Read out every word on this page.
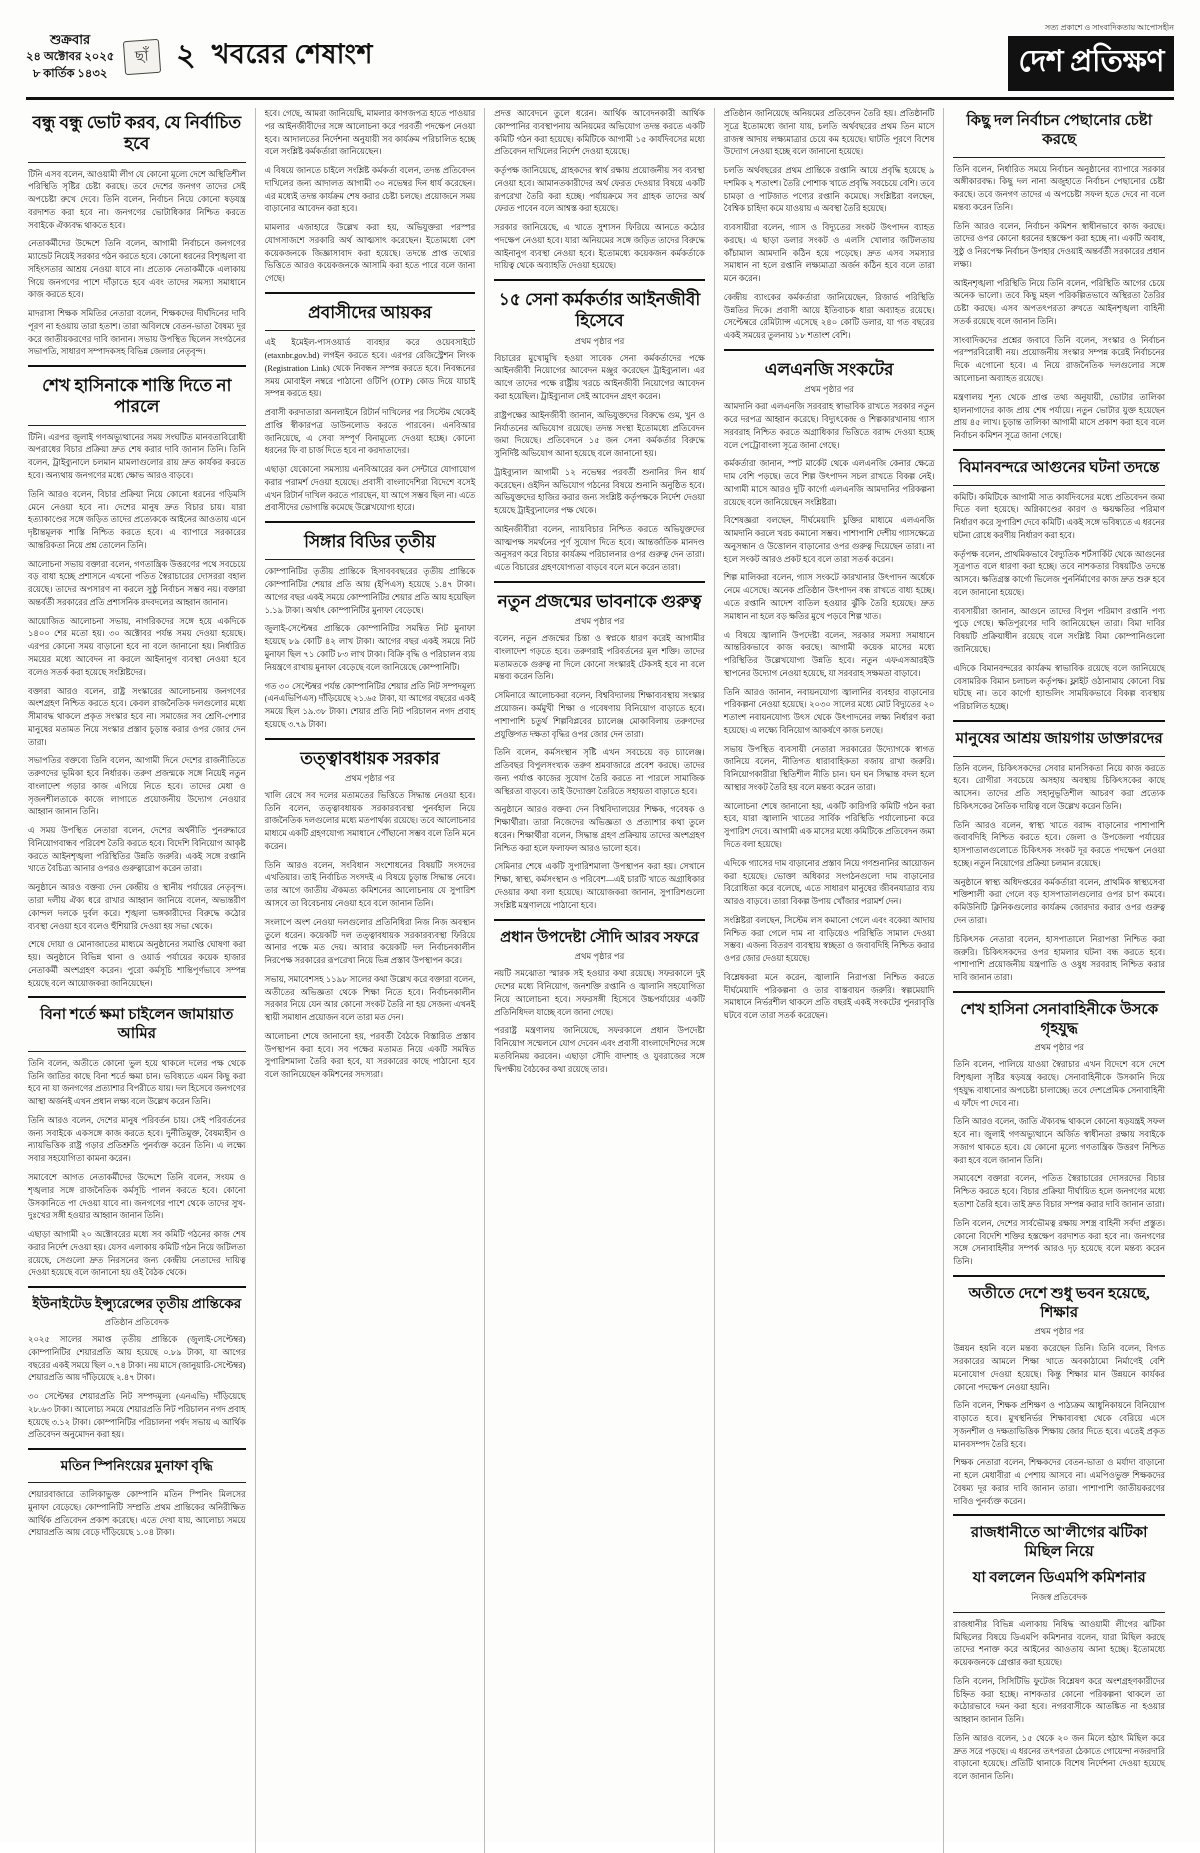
শুক্রবার
২৪ অক্টোবর ২০২৫
৮ কার্তিক ১৪৩২
ছাঁ ২ খবরের শেষাংশ
সত্য প্রকাশে ও সাংবাদিকতায় আপোসহীন
দেশ প্রতিক্ষণ
বন্ধু বন্ধু ভোট করব, যে নির্বাচিত হবে

টিনি এসব বলেন, আওয়ামী লীগ যে কোনো মূল্যে দেশে অস্থিতিশীল পরিস্থিতি সৃষ্টির চেষ্টা করছে। তবে দেশের জনগণ তাদের সেই অপচেষ্টা রুখে দেবে। তিনি বলেন, নির্বাচন নিয়ে কোনো ষড়যন্ত্র বরদাশত করা হবে না। জনগণের ভোটাধিকার নিশ্চিত করতে সবাইকে ঐক্যবদ্ধ থাকতে হবে।

নেতাকর্মীদের উদ্দেশে তিনি বলেন, আগামী নির্বাচনে জনগণের ম্যান্ডেট নিয়েই সরকার গঠন করতে হবে। কোনো ধরনের বিশৃঙ্খলা বা সহিংসতার আশ্রয় নেওয়া যাবে না। প্রত্যেক নেতাকর্মীকে এলাকায় গিয়ে জনগণের পাশে দাঁড়াতে হবে এবং তাদের সমস্যা সমাধানে কাজ করতে হবে।

মাদরাসা শিক্ষক সমিতির নেতারা বলেন, শিক্ষকদের দীর্ঘদিনের দাবি পূরণ না হওয়ায় তারা হতাশ। তারা অবিলম্বে বেতন-ভাতা বৈষম্য দূর করে জাতীয়করণের দাবি জানান। সভায় উপস্থিত ছিলেন সংগঠনের সভাপতি, সাধারণ সম্পাদকসহ বিভিন্ন জেলার নেতৃবৃন্দ।

শেখ হাসিনাকে শাস্তি দিতে না পারলে

টিনি। এরপর জুলাই গণঅভ্যুত্থানের সময় সংঘটিত মানবতাবিরোধী অপরাধের বিচার প্রক্রিয়া দ্রুত শেষ করার দাবি জানান তিনি। তিনি বলেন, ট্রাইব্যুনালে চলমান মামলাগুলোর রায় দ্রুত কার্যকর করতে হবে। অন্যথায় জনগণের মধ্যে ক্ষোভ আরও বাড়বে।

তিনি আরও বলেন, বিচার প্রক্রিয়া নিয়ে কোনো ধরনের গড়িমসি মেনে নেওয়া হবে না। দেশের মানুষ দ্রুত বিচার চায়। যারা হত্যাকাণ্ডের সঙ্গে জড়িত তাদের প্রত্যেককে আইনের আওতায় এনে দৃষ্টান্তমূলক শাস্তি নিশ্চিত করতে হবে। এ ব্যাপারে সরকারের আন্তরিকতা নিয়ে প্রশ্ন তোলেন তিনি।

আলোচনা সভায় বক্তারা বলেন, গণতান্ত্রিক উত্তরণের পথে সবচেয়ে বড় বাধা হচ্ছে প্রশাসনে এখনো পতিত স্বৈরাচারের দোসররা বহাল রয়েছে। তাদের অপসারণ না করলে সুষ্ঠু নির্বাচন সম্ভব নয়। বক্তারা অন্তর্বর্তী সরকারের প্রতি প্রশাসনিক রদবদলের আহ্বান জানান।

আয়োজিত আলোচনা সভায়, নাগরিকদের সঙ্গে হয়ে একদিকে ১৪০০ শের মতো হয়। ৩০ অক্টোবর পর্যন্ত সময় দেওয়া হয়েছে। এরপর কোনো সময় বাড়ানো হবে না বলে জানানো হয়। নির্ধারিত সময়ের মধ্যে আবেদন না করলে আইনানুগ ব্যবস্থা নেওয়া হবে বলেও সতর্ক করা হয়েছে সংশ্লিষ্টদের।

বক্তারা আরও বলেন, রাষ্ট্র সংস্কারের আলোচনায় জনগণের অংশগ্রহণ নিশ্চিত করতে হবে। কেবল রাজনৈতিক দলগুলোর মধ্যে সীমাবদ্ধ থাকলে প্রকৃত সংস্কার হবে না। সমাজের সব শ্রেণি-পেশার মানুষের মতামত নিয়ে সংস্কার প্রস্তাব চূড়ান্ত করার ওপর জোর দেন তারা।

সভাপতির বক্তব্যে তিনি বলেন, আগামী দিনে দেশের রাজনীতিতে তরুণদের ভূমিকা হবে নির্ধারক। তরুণ প্রজন্মকে সঙ্গে নিয়েই নতুন বাংলাদেশ গড়ার কাজ এগিয়ে নিতে হবে। তাদের মেধা ও সৃজনশীলতাকে কাজে লাগাতে প্রয়োজনীয় উদ্যোগ নেওয়ার আহ্বান জানান তিনি।

এ সময় উপস্থিত নেতারা বলেন, দেশের অর্থনীতি পুনরুদ্ধারে বিনিয়োগবান্ধব পরিবেশ তৈরি করতে হবে। বিদেশি বিনিয়োগ আকৃষ্ট করতে আইনশৃঙ্খলা পরিস্থিতির উন্নতি জরুরি। একই সঙ্গে রপ্তানি খাতে বৈচিত্র্য আনার ওপরও গুরুত্বারোপ করেন তারা।

অনুষ্ঠানে আরও বক্তব্য দেন কেন্দ্রীয় ও স্থানীয় পর্যায়ের নেতৃবৃন্দ। তারা দলীয় ঐক্য ধরে রাখার আহ্বান জানিয়ে বলেন, অভ্যন্তরীণ কোন্দল দলকে দুর্বল করে। শৃঙ্খলা ভঙ্গকারীদের বিরুদ্ধে কঠোর ব্যবস্থা নেওয়া হবে বলেও হুঁশিয়ারি দেওয়া হয় সভা থেকে।

শেষে দোয়া ও মোনাজাতের মাধ্যমে অনুষ্ঠানের সমাপ্তি ঘোষণা করা হয়। অনুষ্ঠানে বিভিন্ন থানা ও ওয়ার্ড পর্যায়ের কয়েক হাজার নেতাকর্মী অংশগ্রহণ করেন। পুরো কর্মসূচি শান্তিপূর্ণভাবে সম্পন্ন হয়েছে বলে আয়োজকরা জানিয়েছেন।

বিনা শর্তে ক্ষমা চাইলেন জামায়াত আমির

তিনি বলেন, অতীতে কোনো ভুল হয়ে থাকলে দলের পক্ষ থেকে তিনি জাতির কাছে বিনা শর্তে ক্ষমা চান। ভবিষ্যতে এমন কিছু করা হবে না যা জনগণের প্রত্যাশার বিপরীতে যায়। দল হিসেবে জনগণের আস্থা অর্জনই এখন প্রধান লক্ষ্য বলে উল্লেখ করেন তিনি।

তিনি আরও বলেন, দেশের মানুষ পরিবর্তন চায়। সেই পরিবর্তনের জন্য সবাইকে একসঙ্গে কাজ করতে হবে। দুর্নীতিমুক্ত, বৈষম্যহীন ও ন্যায়ভিত্তিক রাষ্ট্র গড়ার প্রতিশ্রুতি পুনর্ব্যক্ত করেন তিনি। এ লক্ষ্যে সবার সহযোগিতা কামনা করেন।

সমাবেশে আগত নেতাকর্মীদের উদ্দেশে তিনি বলেন, সংযম ও শৃঙ্খলার সঙ্গে রাজনৈতিক কর্মসূচি পালন করতে হবে। কোনো উসকানিতে পা দেওয়া যাবে না। জনগণের পাশে থেকে তাদের সুখ-দুঃখের সঙ্গী হওয়ার আহ্বান জানান তিনি।

এছাড়া আগামী ২০ অক্টোবরের মধ্যে সব কমিটি গঠনের কাজ শেষ করার নির্দেশ দেওয়া হয়। যেসব এলাকায় কমিটি গঠন নিয়ে জটিলতা রয়েছে, সেগুলো দ্রুত নিরসনের জন্য কেন্দ্রীয় নেতাদের দায়িত্ব দেওয়া হয়েছে বলে জানানো হয় ওই বৈঠক থেকে।

ইউনাইটেড ইন্স্যুরেন্সের তৃতীয় প্রান্তিকের
প্রতিষ্ঠান প্রতিবেদক

২০২৫ সালের সমাপ্ত তৃতীয় প্রান্তিকে (জুলাই-সেপ্টেম্বর) কোম্পানিটির শেয়ারপ্রতি আয় হয়েছে ০.৮৯ টাকা, যা আগের বছরের একই সময়ে ছিল ০.৭৪ টাকা। নয় মাসে (জানুয়ারি-সেপ্টেম্বর) শেয়ারপ্রতি আয় দাঁড়িয়েছে ২.৪৭ টাকা।

৩০ সেপ্টেম্বর শেয়ারপ্রতি নিট সম্পদমূল্য (এনএভি) দাঁড়িয়েছে ২৮.৬৩ টাকা। আলোচ্য সময়ে শেয়ারপ্রতি নিট পরিচালন নগদ প্রবাহ হয়েছে ৩.১২ টাকা। কোম্পানিটির পরিচালনা পর্ষদ সভায় এ আর্থিক প্রতিবেদন অনুমোদন করা হয়।

মতিন স্পিনিংয়ের মুনাফা বৃদ্ধি

শেয়ারবাজারে তালিকাভুক্ত কোম্পানি মতিন স্পিনিং মিলসের মুনাফা বেড়েছে। কোম্পানিটি সম্প্রতি প্রথম প্রান্তিকের অনিরীক্ষিত আর্থিক প্রতিবেদন প্রকাশ করেছে। এতে দেখা যায়, আলোচ্য সময়ে শেয়ারপ্রতি আয় বেড়ে দাঁড়িয়েছে ১.০৪ টাকা।

হবে। গেছে, আমরা জানিয়েছি, মামলার কাগজপত্র হাতে পাওয়ার পর আইনজীবীদের সঙ্গে আলোচনা করে পরবর্তী পদক্ষেপ নেওয়া হবে। আদালতের নির্দেশনা অনুযায়ী সব কার্যক্রম পরিচালিত হচ্ছে বলে সংশ্লিষ্ট কর্মকর্তারা জানিয়েছেন।

এ বিষয়ে জানতে চাইলে সংশ্লিষ্ট কর্মকর্তা বলেন, তদন্ত প্রতিবেদন দাখিলের জন্য আদালত আগামী ৩০ নভেম্বর দিন ধার্য করেছেন। এর মধ্যেই তদন্ত কার্যক্রম শেষ করার চেষ্টা চলছে। প্রয়োজনে সময় বাড়ানোর আবেদন করা হবে।

মামলার এজাহারে উল্লেখ করা হয়, অভিযুক্তরা পরস্পর যোগসাজশে সরকারি অর্থ আত্মসাৎ করেছেন। ইতোমধ্যে বেশ কয়েকজনকে জিজ্ঞাসাবাদ করা হয়েছে। তদন্তে প্রাপ্ত তথ্যের ভিত্তিতে আরও কয়েকজনকে আসামি করা হতে পারে বলে জানা গেছে।

প্রবাসীদের আয়কর

এই ইমেইল-পাসওয়ার্ড ব্যবহার করে ওয়েবসাইটে (etaxnbr.gov.bd) লগইন করতে হবে। এরপর রেজিস্ট্রেশন লিংক (Registration Link) থেকে নিবন্ধন সম্পন্ন করতে হবে। নিবন্ধনের সময় মোবাইল নম্বরে পাঠানো ওটিপি (OTP) কোড দিয়ে যাচাই সম্পন্ন করতে হয়।

প্রবাসী করদাতারা অনলাইনে রিটার্ন দাখিলের পর সিস্টেম থেকেই প্রাপ্তি স্বীকারপত্র ডাউনলোড করতে পারবেন। এনবিআর জানিয়েছে, এ সেবা সম্পূর্ণ বিনামূল্যে দেওয়া হচ্ছে। কোনো ধরনের ফি বা চার্জ দিতে হবে না করদাতাদের।

এছাড়া যেকোনো সমস্যায় এনবিআরের কল সেন্টারে যোগাযোগ করার পরামর্শ দেওয়া হয়েছে। প্রবাসী বাংলাদেশিরা বিদেশে বসেই এখন রিটার্ন দাখিল করতে পারছেন, যা আগে সম্ভব ছিল না। এতে প্রবাসীদের ভোগান্তি কমেছে উল্লেখযোগ্য হারে।

সিঙ্গার বিডির তৃতীয়

কোম্পানিটির তৃতীয় প্রান্তিকে হিসাবববছরের তৃতীয় প্রান্তিকে কোম্পানিটির শেয়ার প্রতি আয় (ইপিএস) হয়েছে ১.৪৭ টাকা। আগের বছর একই সময়ে কোম্পানিটির শেয়ার প্রতি আয় হয়েছিল ১.১৯ টাকা। অর্থাৎ কোম্পানিটির মুনাফা বেড়েছে।

জুলাই-সেপ্টেম্বর প্রান্তিকে কোম্পানিটির সমন্বিত নিট মুনাফা হয়েছে ৮৯ কোটি ৪২ লাখ টাকা। আগের বছর একই সময়ে নিট মুনাফা ছিল ৭১ কোটি ৮৩ লাখ টাকা। বিক্রি বৃদ্ধি ও পরিচালন ব্যয় নিয়ন্ত্রণে রাখায় মুনাফা বেড়েছে বলে জানিয়েছে কোম্পানিটি।

গত ৩০ সেপ্টেম্বর পর্যন্ত কোম্পানিটির শেয়ার প্রতি নিট সম্পদমূল্য (এনএভিপিএস) দাঁড়িয়েছে ২১.৬৫ টাকা, যা আগের বছরের একই সময়ে ছিল ১৯.৩৮ টাকা। শেয়ার প্রতি নিট পরিচালন নগদ প্রবাহ হয়েছে ৩.৭৯ টাকা।

তত্ত্বাবধায়ক সরকার
প্রথম পৃষ্ঠার পর

খালি রেখে সব দলের মতামতের ভিত্তিতে সিদ্ধান্ত নেওয়া হবে। তিনি বলেন, তত্ত্বাবধায়ক সরকারব্যবস্থা পুনর্বহাল নিয়ে রাজনৈতিক দলগুলোর মধ্যে মতপার্থক্য রয়েছে। তবে আলোচনার মাধ্যমে একটি গ্রহণযোগ্য সমাধানে পৌঁছানো সম্ভব বলে তিনি মনে করেন।

তিনি আরও বলেন, সংবিধান সংশোধনের বিষয়টি সংসদের এখতিয়ার। তাই নির্বাচিত সংসদই এ বিষয়ে চূড়ান্ত সিদ্ধান্ত নেবে। তার আগে জাতীয় ঐকমত্য কমিশনের আলোচনায় যে সুপারিশ আসবে তা বিবেচনায় নেওয়া হবে বলে জানান তিনি।

সংলাপে অংশ নেওয়া দলগুলোর প্রতিনিধিরা নিজ নিজ অবস্থান তুলে ধরেন। কয়েকটি দল তত্ত্বাবধায়ক সরকারব্যবস্থা ফিরিয়ে আনার পক্ষে মত দেয়। আবার কয়েকটি দল নির্বাচনকালীন নিরপেক্ষ সরকারের রূপরেখা নিয়ে ভিন্ন প্রস্তাব উপস্থাপন করে।

সভায়, সমাবেশসহ ১১৯৮ সালের কথা উল্লেখ করে বক্তারা বলেন, অতীতের অভিজ্ঞতা থেকে শিক্ষা নিতে হবে। নির্বাচনকালীন সরকার নিয়ে যেন আর কোনো সংকট তৈরি না হয় সেজন্য এখনই স্থায়ী সমাধান প্রয়োজন বলে তারা মত দেন।

আলোচনা শেষে জানানো হয়, পরবর্তী বৈঠকে বিস্তারিত প্রস্তাব উপস্থাপন করা হবে। সব পক্ষের মতামত নিয়ে একটি সমন্বিত সুপারিশমালা তৈরি করা হবে, যা সরকারের কাছে পাঠানো হবে বলে জানিয়েছেন কমিশনের সদস্যরা।

প্রদত্ত আবেদনে তুলে ধরেন। আর্থিক আবেদনকারী আর্থিক কোম্পানির ব্যবস্থাপনায় অনিয়মের অভিযোগ তদন্ত করতে একটি কমিটি গঠন করা হয়েছে। কমিটিকে আগামী ১৫ কার্যদিবসের মধ্যে প্রতিবেদন দাখিলের নির্দেশ দেওয়া হয়েছে।

কর্তৃপক্ষ জানিয়েছে, গ্রাহকদের স্বার্থ রক্ষায় প্রয়োজনীয় সব ব্যবস্থা নেওয়া হবে। আমানতকারীদের অর্থ ফেরত দেওয়ার বিষয়ে একটি রূপরেখা তৈরি করা হচ্ছে। পর্যায়ক্রমে সব গ্রাহক তাদের অর্থ ফেরত পাবেন বলে আশ্বস্ত করা হয়েছে।

সরকার জানিয়েছে, এ খাতে সুশাসন ফিরিয়ে আনতে কঠোর পদক্ষেপ নেওয়া হবে। যারা অনিয়মের সঙ্গে জড়িত তাদের বিরুদ্ধে আইনানুগ ব্যবস্থা নেওয়া হবে। ইতোমধ্যে কয়েকজন কর্মকর্তাকে দায়িত্ব থেকে অব্যাহতি দেওয়া হয়েছে।

১৫ সেনা কর্মকর্তার আইনজীবী হিসেবে
প্রথম পৃষ্ঠার পর

বিচারের মুখোমুখি হওয়া সাবেক সেনা কর্মকর্তাদের পক্ষে আইনজীবী নিয়োগের আবেদন মঞ্জুর করেছেন ট্রাইব্যুনাল। এর আগে তাদের পক্ষে রাষ্ট্রীয় খরচে আইনজীবী নিয়োগের আবেদন করা হয়েছিল। ট্রাইব্যুনাল সেই আবেদন গ্রহণ করেন।

রাষ্ট্রপক্ষের আইনজীবী জানান, অভিযুক্তদের বিরুদ্ধে গুম, খুন ও নির্যাতনের অভিযোগ রয়েছে। তদন্ত সংস্থা ইতোমধ্যে প্রতিবেদন জমা দিয়েছে। প্রতিবেদনে ১৫ জন সেনা কর্মকর্তার বিরুদ্ধে সুনির্দিষ্ট অভিযোগ আনা হয়েছে বলে জানানো হয়।

ট্রাইব্যুনাল আগামী ১২ নভেম্বর পরবর্তী শুনানির দিন ধার্য করেছেন। ওইদিন অভিযোগ গঠনের বিষয়ে শুনানি অনুষ্ঠিত হবে। অভিযুক্তদের হাজির করার জন্য সংশ্লিষ্ট কর্তৃপক্ষকে নির্দেশ দেওয়া হয়েছে ট্রাইব্যুনালের পক্ষ থেকে।

আইনজীবীরা বলেন, ন্যায়বিচার নিশ্চিত করতে অভিযুক্তদের আত্মপক্ষ সমর্থনের পূর্ণ সুযোগ দিতে হবে। আন্তর্জাতিক মানদণ্ড অনুসরণ করে বিচার কার্যক্রম পরিচালনার ওপর গুরুত্ব দেন তারা। এতে বিচারের গ্রহণযোগ্যতা বাড়বে বলে মনে করেন তারা।

নতুন প্রজন্মের ভাবনাকে গুরুত্ব
প্রথম পৃষ্ঠার পর

বলেন, নতুন প্রজন্মের চিন্তা ও স্বপ্নকে ধারণ করেই আগামীর বাংলাদেশ গড়তে হবে। তরুণরাই পরিবর্তনের মূল শক্তি। তাদের মতামতকে গুরুত্ব না দিলে কোনো সংস্কারই টেকসই হবে না বলে মন্তব্য করেন তিনি।

সেমিনারে আলোচকরা বলেন, বিশ্ববিদ্যালয় শিক্ষাব্যবস্থায় সংস্কার প্রয়োজন। কর্মমুখী শিক্ষা ও গবেষণায় বিনিয়োগ বাড়াতে হবে। পাশাপাশি চতুর্থ শিল্পবিপ্লবের চ্যালেঞ্জ মোকাবিলায় তরুণদের প্রযুক্তিগত দক্ষতা বৃদ্ধির ওপর জোর দেন তারা।

তিনি বলেন, কর্মসংস্থান সৃষ্টি এখন সবচেয়ে বড় চ্যালেঞ্জ। প্রতিবছর বিপুলসংখ্যক তরুণ শ্রমবাজারে প্রবেশ করছে। তাদের জন্য পর্যাপ্ত কাজের সুযোগ তৈরি করতে না পারলে সামাজিক অস্থিরতা বাড়বে। তাই উদ্যোক্তা তৈরিতে সহায়তা বাড়াতে হবে।

অনুষ্ঠানে আরও বক্তব্য দেন বিশ্ববিদ্যালয়ের শিক্ষক, গবেষক ও শিক্ষার্থীরা। তারা নিজেদের অভিজ্ঞতা ও প্রত্যাশার কথা তুলে ধরেন। শিক্ষার্থীরা বলেন, সিদ্ধান্ত গ্রহণ প্রক্রিয়ায় তাদের অংশগ্রহণ নিশ্চিত করা হলে ফলাফল আরও ভালো হবে।

সেমিনার শেষে একটি সুপারিশমালা উপস্থাপন করা হয়। সেখানে শিক্ষা, স্বাস্থ্য, কর্মসংস্থান ও পরিবেশ—এই চারটি খাতে অগ্রাধিকার দেওয়ার কথা বলা হয়েছে। আয়োজকরা জানান, সুপারিশগুলো সংশ্লিষ্ট মন্ত্রণালয়ে পাঠানো হবে।

প্রধান উপদেষ্টা সৌদি আরব সফরে
প্রথম পৃষ্ঠার পর

নয়টি সমঝোতা স্মারক সই হওয়ার কথা রয়েছে। সফরকালে দুই দেশের মধ্যে বিনিয়োগ, জনশক্তি রপ্তানি ও জ্বালানি সহযোগিতা নিয়ে আলোচনা হবে। সফরসঙ্গী হিসেবে উচ্চপর্যায়ের একটি প্রতিনিধিদল যাচ্ছে বলে জানা গেছে।

পররাষ্ট্র মন্ত্রণালয় জানিয়েছে, সফরকালে প্রধান উপদেষ্টা বিনিয়োগ সম্মেলনে যোগ দেবেন এবং প্রবাসী বাংলাদেশিদের সঙ্গে মতবিনিময় করবেন। এছাড়া সৌদি বাদশাহ ও যুবরাজের সঙ্গে দ্বিপক্ষীয় বৈঠকের কথা রয়েছে তার।

প্রতিষ্ঠান জানিয়েছে অনিয়মের প্রতিবেদন তৈরি হয়। প্রতিষ্ঠানটি সূত্রে ইতোমধ্যে জানা যায়, চলতি অর্থবছরের প্রথম তিন মাসে রাজস্ব আদায় লক্ষ্যমাত্রার চেয়ে কম হয়েছে। ঘাটতি পূরণে বিশেষ উদ্যোগ নেওয়া হচ্ছে বলে জানানো হয়েছে।

চলতি অর্থবছরের প্রথম প্রান্তিকে রপ্তানি আয়ে প্রবৃদ্ধি হয়েছে ৯ দশমিক ২ শতাংশ। তৈরি পোশাক খাতে প্রবৃদ্ধি সবচেয়ে বেশি। তবে চামড়া ও পাটজাত পণ্যের রপ্তানি কমেছে। সংশ্লিষ্টরা বলছেন, বৈশ্বিক চাহিদা কমে যাওয়ায় এ অবস্থা তৈরি হয়েছে।

ব্যবসায়ীরা বলেন, গ্যাস ও বিদ্যুতের সংকট উৎপাদন ব্যাহত করছে। এ ছাড়া ডলার সংকট ও এলসি খোলার জটিলতায় কাঁচামাল আমদানি কঠিন হয়ে পড়েছে। দ্রুত এসব সমস্যার সমাধান না হলে রপ্তানি লক্ষ্যমাত্রা অর্জন কঠিন হবে বলে তারা মনে করেন।

কেন্দ্রীয় ব্যাংকের কর্মকর্তারা জানিয়েছেন, রিজার্ভ পরিস্থিতি উন্নতির দিকে। প্রবাসী আয়ে ইতিবাচক ধারা অব্যাহত রয়েছে। সেপ্টেম্বরে রেমিট্যান্স এসেছে ২৪০ কোটি ডলার, যা গত বছরের একই সময়ের তুলনায় ১৮ শতাংশ বেশি।

এলএনজি সংকটের
প্রথম পৃষ্ঠার পর

আমদানি করা এলএনজি সরবরাহ স্বাভাবিক রাখতে সরকার নতুন করে দরপত্র আহ্বান করেছে। বিদ্যুৎকেন্দ্র ও শিল্পকারখানায় গ্যাস সরবরাহ নিশ্চিত করতে অগ্রাধিকার ভিত্তিতে বরাদ্দ দেওয়া হচ্ছে বলে পেট্রোবাংলা সূত্রে জানা গেছে।

কর্মকর্তারা জানান, স্পট মার্কেট থেকে এলএনজি কেনার ক্ষেত্রে দাম বেশি পড়ছে। তবে শিল্প উৎপাদন সচল রাখতে বিকল্প নেই। আগামী মাসে আরও দুটি কার্গো এলএনজি আমদানির পরিকল্পনা রয়েছে বলে জানিয়েছেন সংশ্লিষ্টরা।

বিশেষজ্ঞরা বলছেন, দীর্ঘমেয়াদি চুক্তির মাধ্যমে এলএনজি আমদানি করলে খরচ কমানো সম্ভব। পাশাপাশি দেশীয় গ্যাসক্ষেত্রে অনুসন্ধান ও উত্তোলন বাড়ানোর ওপর গুরুত্ব দিয়েছেন তারা। না হলে সংকট আরও প্রকট হবে বলে তারা সতর্ক করেন।

শিল্প মালিকরা বলেন, গ্যাস সংকটে কারখানার উৎপাদন অর্ধেকে নেমে এসেছে। অনেক প্রতিষ্ঠান উৎপাদন বন্ধ রাখতে বাধ্য হচ্ছে। এতে রপ্তানি আদেশ বাতিল হওয়ার ঝুঁকি তৈরি হয়েছে। দ্রুত সমাধান না হলে বড় ক্ষতির মুখে পড়বে শিল্প খাত।

এ বিষয়ে জ্বালানি উপদেষ্টা বলেন, সরকার সমস্যা সমাধানে আন্তরিকভাবে কাজ করছে। আগামী কয়েক মাসের মধ্যে পরিস্থিতির উল্লেখযোগ্য উন্নতি হবে। নতুন এফএসআরইউ স্থাপনের উদ্যোগ নেওয়া হয়েছে, যা সরবরাহ সক্ষমতা বাড়াবে।

তিনি আরও জানান, নবায়নযোগ্য জ্বালানির ব্যবহার বাড়ানোর পরিকল্পনা নেওয়া হয়েছে। ২০৩০ সালের মধ্যে মোট বিদ্যুতের ২০ শতাংশ নবায়নযোগ্য উৎস থেকে উৎপাদনের লক্ষ্য নির্ধারণ করা হয়েছে। এ লক্ষ্যে বিনিয়োগ আকর্ষণে কাজ চলছে।

সভায় উপস্থিত ব্যবসায়ী নেতারা সরকারের উদ্যোগকে স্বাগত জানিয়ে বলেন, নীতিগত ধারাবাহিকতা বজায় রাখা জরুরি। বিনিয়োগকারীরা স্থিতিশীল নীতি চান। ঘন ঘন সিদ্ধান্ত বদল হলে আস্থার সংকট তৈরি হয় বলে মন্তব্য করেন তারা।

আলোচনা শেষে জানানো হয়, একটি কারিগরি কমিটি গঠন করা হবে, যারা জ্বালানি খাতের সার্বিক পরিস্থিতি পর্যালোচনা করে সুপারিশ দেবে। আগামী এক মাসের মধ্যে কমিটিকে প্রতিবেদন জমা দিতে বলা হয়েছে।

এদিকে গ্যাসের দাম বাড়ানোর প্রস্তাব নিয়ে গণশুনানির আয়োজন করা হয়েছে। ভোক্তা অধিকার সংগঠনগুলো দাম বাড়ানোর বিরোধিতা করে বলেছে, এতে সাধারণ মানুষের জীবনযাত্রার ব্যয় আরও বাড়বে। তারা বিকল্প উপায় খোঁজার পরামর্শ দেন।

সংশ্লিষ্টরা বলছেন, সিস্টেম লস কমানো গেলে এবং বকেয়া আদায় নিশ্চিত করা গেলে দাম না বাড়িয়েও পরিস্থিতি সামাল দেওয়া সম্ভব। এজন্য বিতরণ ব্যবস্থায় স্বচ্ছতা ও জবাবদিহি নিশ্চিত করার ওপর জোর দেওয়া হয়েছে।

বিশ্লেষকরা মনে করেন, জ্বালানি নিরাপত্তা নিশ্চিত করতে দীর্ঘমেয়াদি পরিকল্পনা ও তার বাস্তবায়ন জরুরি। স্বল্পমেয়াদি সমাধানে নির্ভরশীল থাকলে প্রতি বছরই একই সংকটের পুনরাবৃত্তি ঘটবে বলে তারা সতর্ক করেছেন।

কিছু দল নির্বাচন পেছানোর চেষ্টা করছে

তিনি বলেন, নির্ধারিত সময়ে নির্বাচন অনুষ্ঠানের ব্যাপারে সরকার অঙ্গীকারবদ্ধ। কিছু দল নানা অজুহাতে নির্বাচন পেছানোর চেষ্টা করছে। তবে জনগণ তাদের এ অপচেষ্টা সফল হতে দেবে না বলে মন্তব্য করেন তিনি।

তিনি আরও বলেন, নির্বাচন কমিশন স্বাধীনভাবে কাজ করছে। তাদের ওপর কোনো ধরনের হস্তক্ষেপ করা হচ্ছে না। একটি অবাধ, সুষ্ঠু ও নিরপেক্ষ নির্বাচন উপহার দেওয়াই অন্তর্বর্তী সরকারের প্রধান লক্ষ্য।

আইনশৃঙ্খলা পরিস্থিতি নিয়ে তিনি বলেন, পরিস্থিতি আগের চেয়ে অনেক ভালো। তবে কিছু মহল পরিকল্পিতভাবে অস্থিরতা তৈরির চেষ্টা করছে। এসব অপতৎপরতা রুখতে আইনশৃঙ্খলা বাহিনী সতর্ক রয়েছে বলে জানান তিনি।

সাংবাদিকদের প্রশ্নের জবাবে তিনি বলেন, সংস্কার ও নির্বাচন পরস্পরবিরোধী নয়। প্রয়োজনীয় সংস্কার সম্পন্ন করেই নির্বাচনের দিকে এগোনো হবে। এ নিয়ে রাজনৈতিক দলগুলোর সঙ্গে আলোচনা অব্যাহত রয়েছে।

মন্ত্রণালয় শূন্য থেকে প্রাপ্ত তথ্য অনুযায়ী, ভোটার তালিকা হালনাগাদের কাজ প্রায় শেষ পর্যায়ে। নতুন ভোটার যুক্ত হয়েছেন প্রায় ৪৫ লাখ। চূড়ান্ত তালিকা আগামী মাসে প্রকাশ করা হবে বলে নির্বাচন কমিশন সূত্রে জানা গেছে।

বিমানবন্দরে আগুনের ঘটনা তদন্তে

কমিটি। কমিটিকে আগামী সাত কার্যদিবসের মধ্যে প্রতিবেদন জমা দিতে বলা হয়েছে। অগ্নিকাণ্ডের কারণ ও ক্ষয়ক্ষতির পরিমাণ নির্ধারণ করে সুপারিশ দেবে কমিটি। একই সঙ্গে ভবিষ্যতে এ ধরনের ঘটনা রোধে করণীয় নির্ধারণ করা হবে।

কর্তৃপক্ষ বলেন, প্রাথমিকভাবে বৈদ্যুতিক শর্টসার্কিট থেকে আগুনের সূত্রপাত বলে ধারণা করা হচ্ছে। তবে নাশকতার বিষয়টিও তদন্তে আসবে। ক্ষতিগ্রস্ত কার্গো ভিলেজ পুনর্নির্মাণের কাজ দ্রুত শুরু হবে বলে জানানো হয়েছে।

ব্যবসায়ীরা জানান, আগুনে তাদের বিপুল পরিমাণ রপ্তানি পণ্য পুড়ে গেছে। ক্ষতিপূরণের দাবি জানিয়েছেন তারা। বিমা দাবির বিষয়টি প্রক্রিয়াধীন রয়েছে বলে সংশ্লিষ্ট বিমা কোম্পানিগুলো জানিয়েছে।

এদিকে বিমানবন্দরের কার্যক্রম স্বাভাবিক রয়েছে বলে জানিয়েছে বেসামরিক বিমান চলাচল কর্তৃপক্ষ। ফ্লাইট ওঠানামায় কোনো বিঘ্ন ঘটছে না। তবে কার্গো হ্যান্ডলিং সাময়িকভাবে বিকল্প ব্যবস্থায় পরিচালিত হচ্ছে।

মানুষের আশ্রয় জায়গায় ডাক্তারদের

তিনি বলেন, চিকিৎসকদের সেবার মানসিকতা নিয়ে কাজ করতে হবে। রোগীরা সবচেয়ে অসহায় অবস্থায় চিকিৎসকের কাছে আসেন। তাদের প্রতি সহানুভূতিশীল আচরণ করা প্রত্যেক চিকিৎসকের নৈতিক দায়িত্ব বলে উল্লেখ করেন তিনি।

তিনি আরও বলেন, স্বাস্থ্য খাতে বরাদ্দ বাড়ানোর পাশাপাশি জবাবদিহি নিশ্চিত করতে হবে। জেলা ও উপজেলা পর্যায়ের হাসপাতালগুলোতে চিকিৎসক সংকট দূর করতে পদক্ষেপ নেওয়া হচ্ছে। নতুন নিয়োগের প্রক্রিয়া চলমান রয়েছে।

অনুষ্ঠানে স্বাস্থ্য অধিদপ্তরের কর্মকর্তারা বলেন, প্রাথমিক স্বাস্থ্যসেবা শক্তিশালী করা গেলে বড় হাসপাতালগুলোর ওপর চাপ কমবে। কমিউনিটি ক্লিনিকগুলোর কার্যক্রম জোরদার করার ওপর গুরুত্ব দেন তারা।

চিকিৎসক নেতারা বলেন, হাসপাতালে নিরাপত্তা নিশ্চিত করা জরুরি। চিকিৎসকদের ওপর হামলার ঘটনা বন্ধ করতে হবে। পাশাপাশি প্রয়োজনীয় যন্ত্রপাতি ও ওষুধ সরবরাহ নিশ্চিত করার দাবি জানান তারা।

শেখ হাসিনা সেনাবাহিনীকে উসকে গৃহযুদ্ধ
প্রথম পৃষ্ঠার পর

তিনি বলেন, পালিয়ে যাওয়া স্বৈরাচার এখন বিদেশে বসে দেশে বিশৃঙ্খলা সৃষ্টির ষড়যন্ত্র করছে। সেনাবাহিনীকে উসকানি দিয়ে গৃহযুদ্ধ বাধানোর অপচেষ্টা চালাচ্ছে। তবে দেশপ্রেমিক সেনাবাহিনী এ ফাঁদে পা দেবে না।

তিনি আরও বলেন, জাতি ঐক্যবদ্ধ থাকলে কোনো ষড়যন্ত্রই সফল হবে না। জুলাই গণঅভ্যুত্থানে অর্জিত স্বাধীনতা রক্ষায় সবাইকে সজাগ থাকতে হবে। যে কোনো মূল্যে গণতান্ত্রিক উত্তরণ নিশ্চিত করা হবে বলে জানান তিনি।

সমাবেশে বক্তারা বলেন, পতিত স্বৈরাচারের দোসরদের বিচার নিশ্চিত করতে হবে। বিচার প্রক্রিয়া দীর্ঘায়িত হলে জনগণের মধ্যে হতাশা তৈরি হবে। তাই দ্রুত বিচার সম্পন্ন করার দাবি জানান তারা।

তিনি বলেন, দেশের সার্বভৌমত্ব রক্ষায় সশস্ত্র বাহিনী সর্বদা প্রস্তুত। কোনো বিদেশি শক্তির হস্তক্ষেপ বরদাশত করা হবে না। জনগণের সঙ্গে সেনাবাহিনীর সম্পর্ক আরও দৃঢ় হয়েছে বলে মন্তব্য করেন তিনি।

অতীতে দেশে শুধু ভবন হয়েছে, শিক্ষার
প্রথম পৃষ্ঠার পর

উন্নয়ন হয়নি বলে মন্তব্য করেছেন তিনি। তিনি বলেন, বিগত সরকারের আমলে শিক্ষা খাতে অবকাঠামো নির্মাণেই বেশি মনোযোগ দেওয়া হয়েছে। কিন্তু শিক্ষার মান উন্নয়নে কার্যকর কোনো পদক্ষেপ নেওয়া হয়নি।

তিনি বলেন, শিক্ষক প্রশিক্ষণ ও পাঠ্যক্রম আধুনিকায়নে বিনিয়োগ বাড়াতে হবে। মুখস্থনির্ভর শিক্ষাব্যবস্থা থেকে বেরিয়ে এসে সৃজনশীল ও দক্ষতাভিত্তিক শিক্ষায় জোর দিতে হবে। এতেই প্রকৃত মানবসম্পদ তৈরি হবে।

শিক্ষক নেতারা বলেন, শিক্ষকদের বেতন-ভাতা ও মর্যাদা বাড়ানো না হলে মেধাবীরা এ পেশায় আসবে না। এমপিওভুক্ত শিক্ষকদের বৈষম্য দূর করার দাবি জানান তারা। পাশাপাশি জাতীয়করণের দাবিও পুনর্ব্যক্ত করেন।

রাজধানীতে আ'লীগের ঝটিকা মিছিল নিয়ে
যা বললেন ডিএমপি কমিশনার
নিজস্ব প্রতিবেদক

রাজধানীর বিভিন্ন এলাকায় নিষিদ্ধ আওয়ামী লীগের ঝটিকা মিছিলের বিষয়ে ডিএমপি কমিশনার বলেন, যারা মিছিল করছে তাদের শনাক্ত করে আইনের আওতায় আনা হচ্ছে। ইতোমধ্যে কয়েকজনকে গ্রেপ্তার করা হয়েছে।

তিনি বলেন, সিসিটিভি ফুটেজ বিশ্লেষণ করে অংশগ্রহণকারীদের চিহ্নিত করা হচ্ছে। নাশকতার কোনো পরিকল্পনা থাকলে তা কঠোরভাবে দমন করা হবে। নগরবাসীকে আতঙ্কিত না হওয়ার আহ্বান জানান তিনি।

তিনি আরও বলেন, ১৫ থেকে ২০ জন মিলে হঠাৎ মিছিল করে দ্রুত সরে পড়ছে। এ ধরনের তৎপরতা ঠেকাতে গোয়েন্দা নজরদারি বাড়ানো হয়েছে। প্রতিটি থানাকে বিশেষ নির্দেশনা দেওয়া হয়েছে বলে জানান তিনি।
